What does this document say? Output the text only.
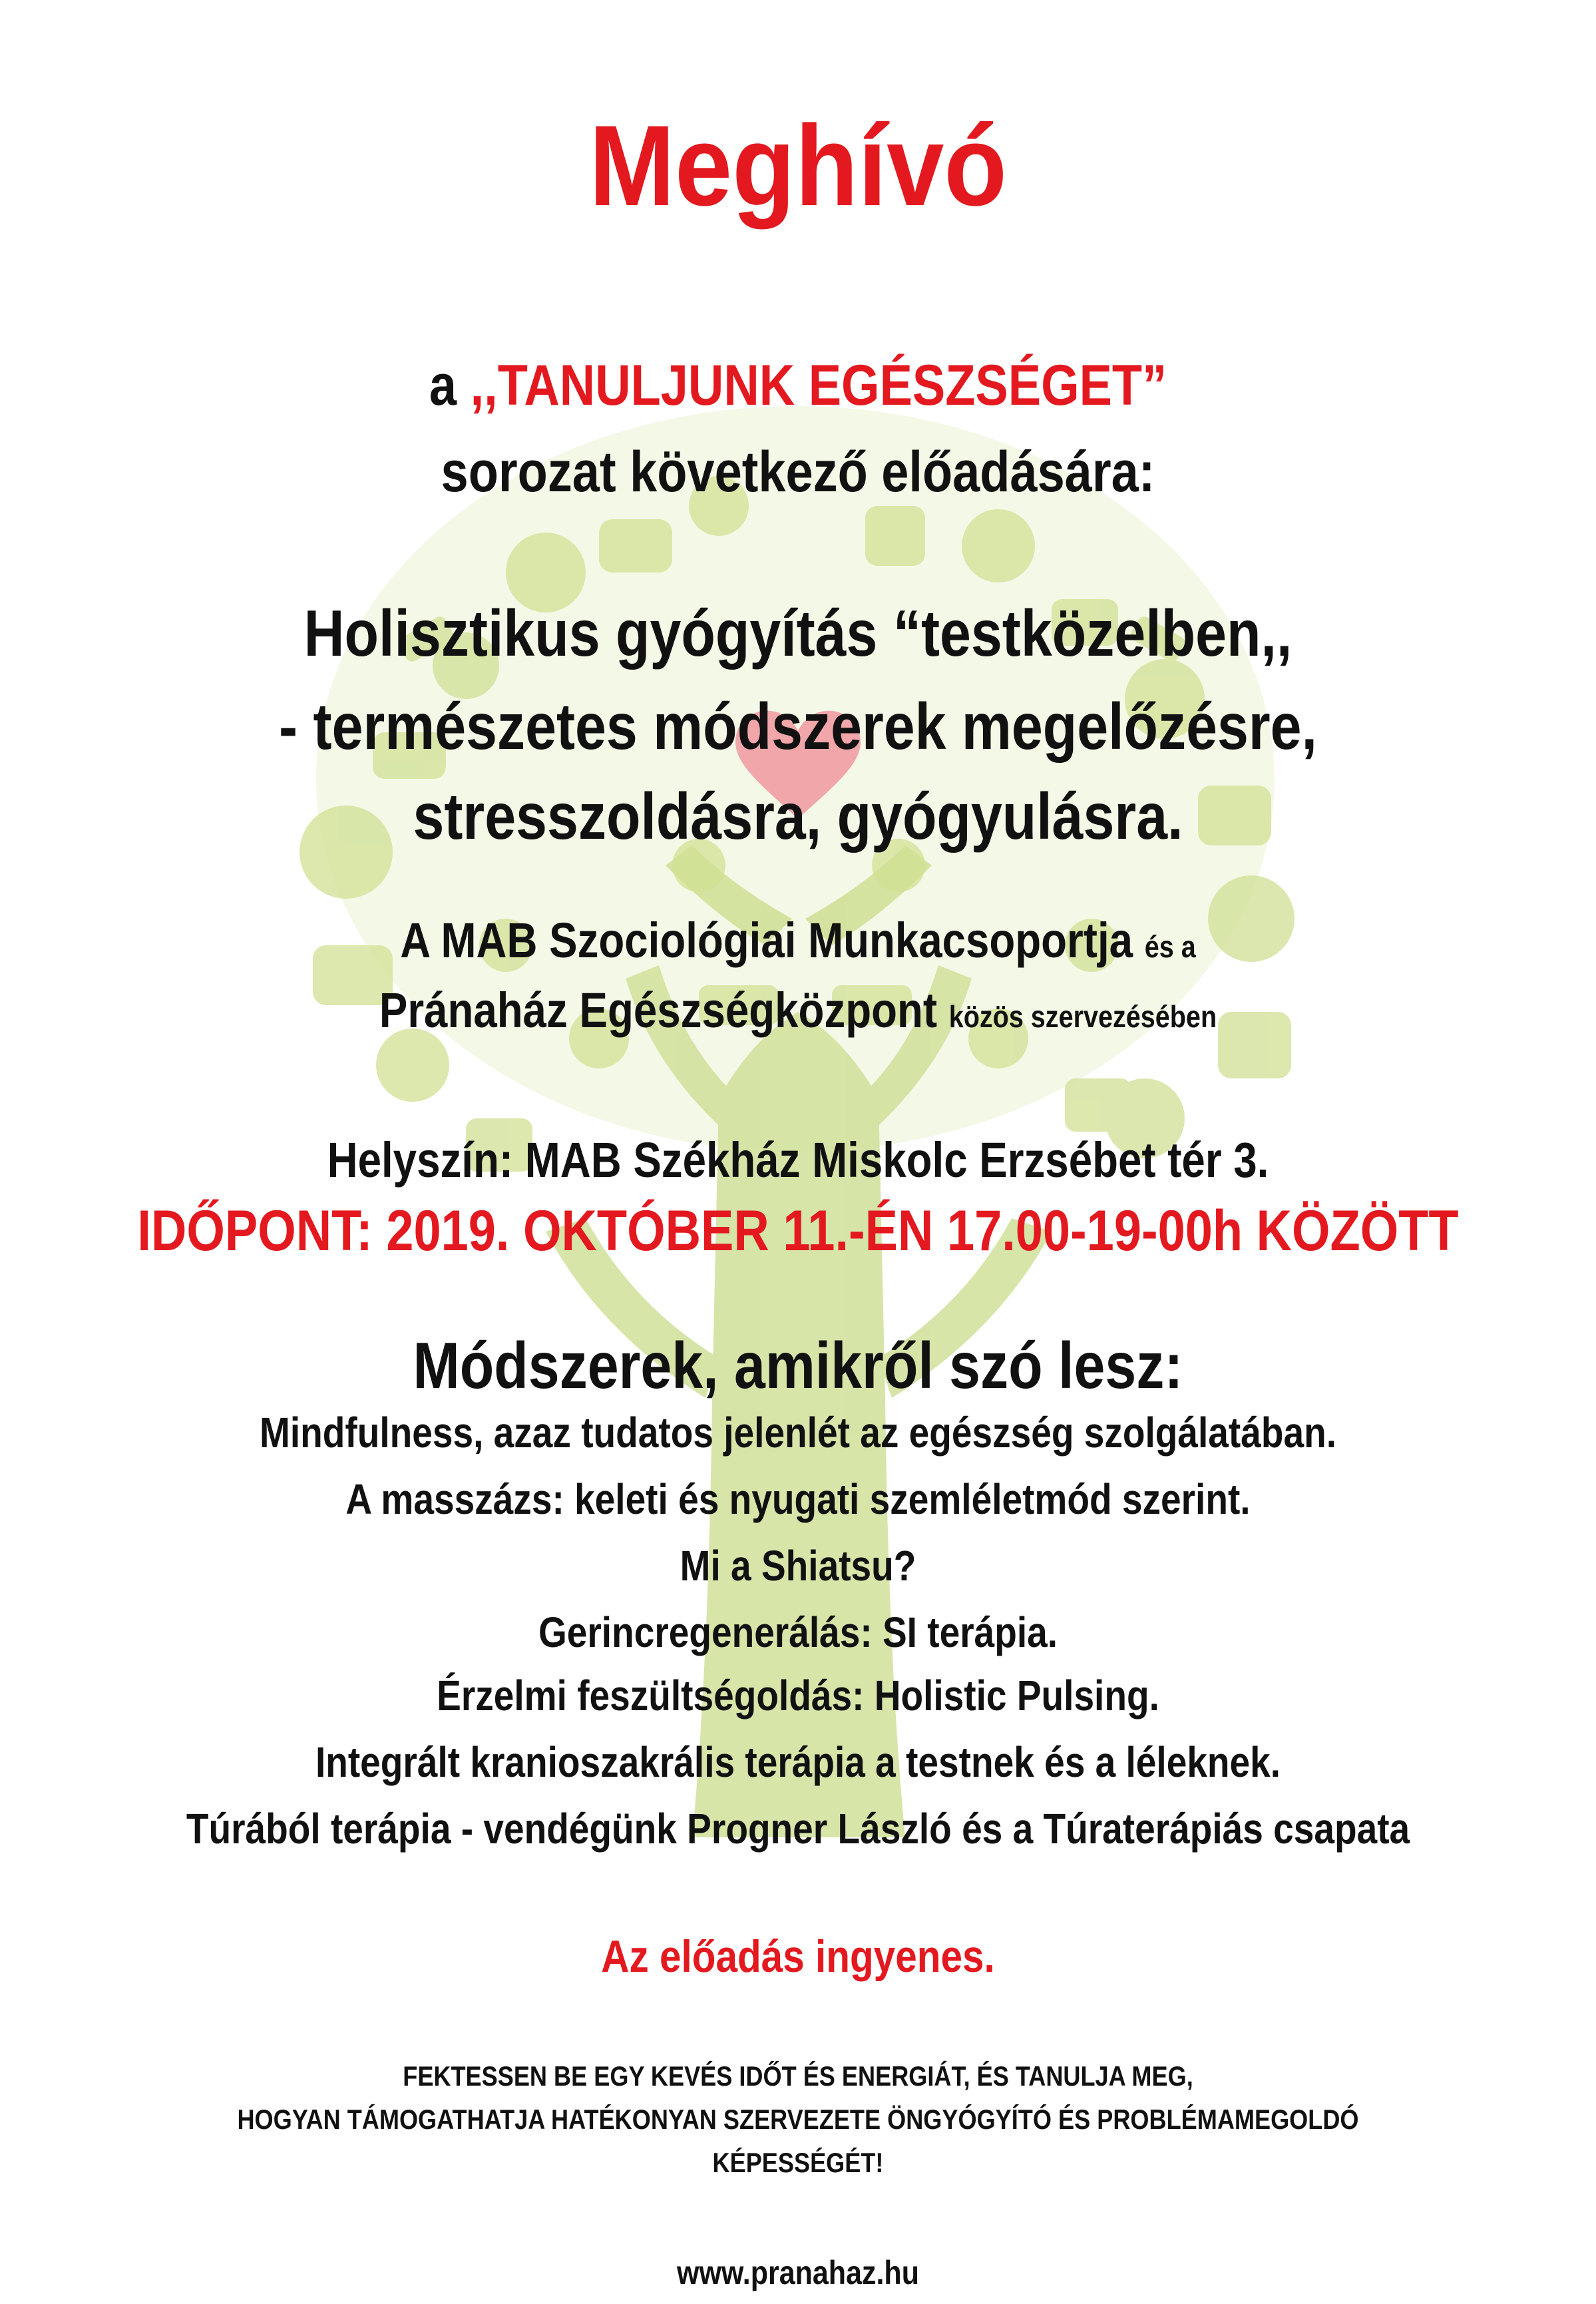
Meghívó
a ,,TANULJUNK EGÉSZSÉGET”
sorozat következő előadására:
Holisztikus gyógyítás “testközelben,,
- természetes módszerek megelőzésre,
stresszoldásra, gyógyulásra.
A MAB Szociológiai Munkacsoportja és a
Pránaház Egészségközpont közös szervezésében
Helyszín: MAB Székház Miskolc Erzsébet tér 3.
IDŐPONT: 2019. OKTÓBER 11.-ÉN 17.00-19-00h KÖZÖTT
Módszerek, amikről szó lesz:
Mindfulness, azaz tudatos jelenlét az egészség szolgálatában.
A masszázs: keleti és nyugati szemléletmód szerint.
Mi a Shiatsu?
Gerincregenerálás: SI terápia.
Érzelmi feszültségoldás: Holistic Pulsing.
Integrált kranioszakrális terápia a testnek és a léleknek.
Túrából terápia - vendégünk Progner László és a Túraterápiás csapata
Az előadás ingyenes.
FEKTESSEN BE EGY KEVÉS IDŐT ÉS ENERGIÁT, ÉS TANULJA MEG,
HOGYAN TÁMOGATHATJA HATÉKONYAN SZERVEZETE ÖNGYÓGYÍTÓ ÉS PROBLÉMAMEGOLDÓ
KÉPESSÉGÉT!
www.pranahaz.hu
